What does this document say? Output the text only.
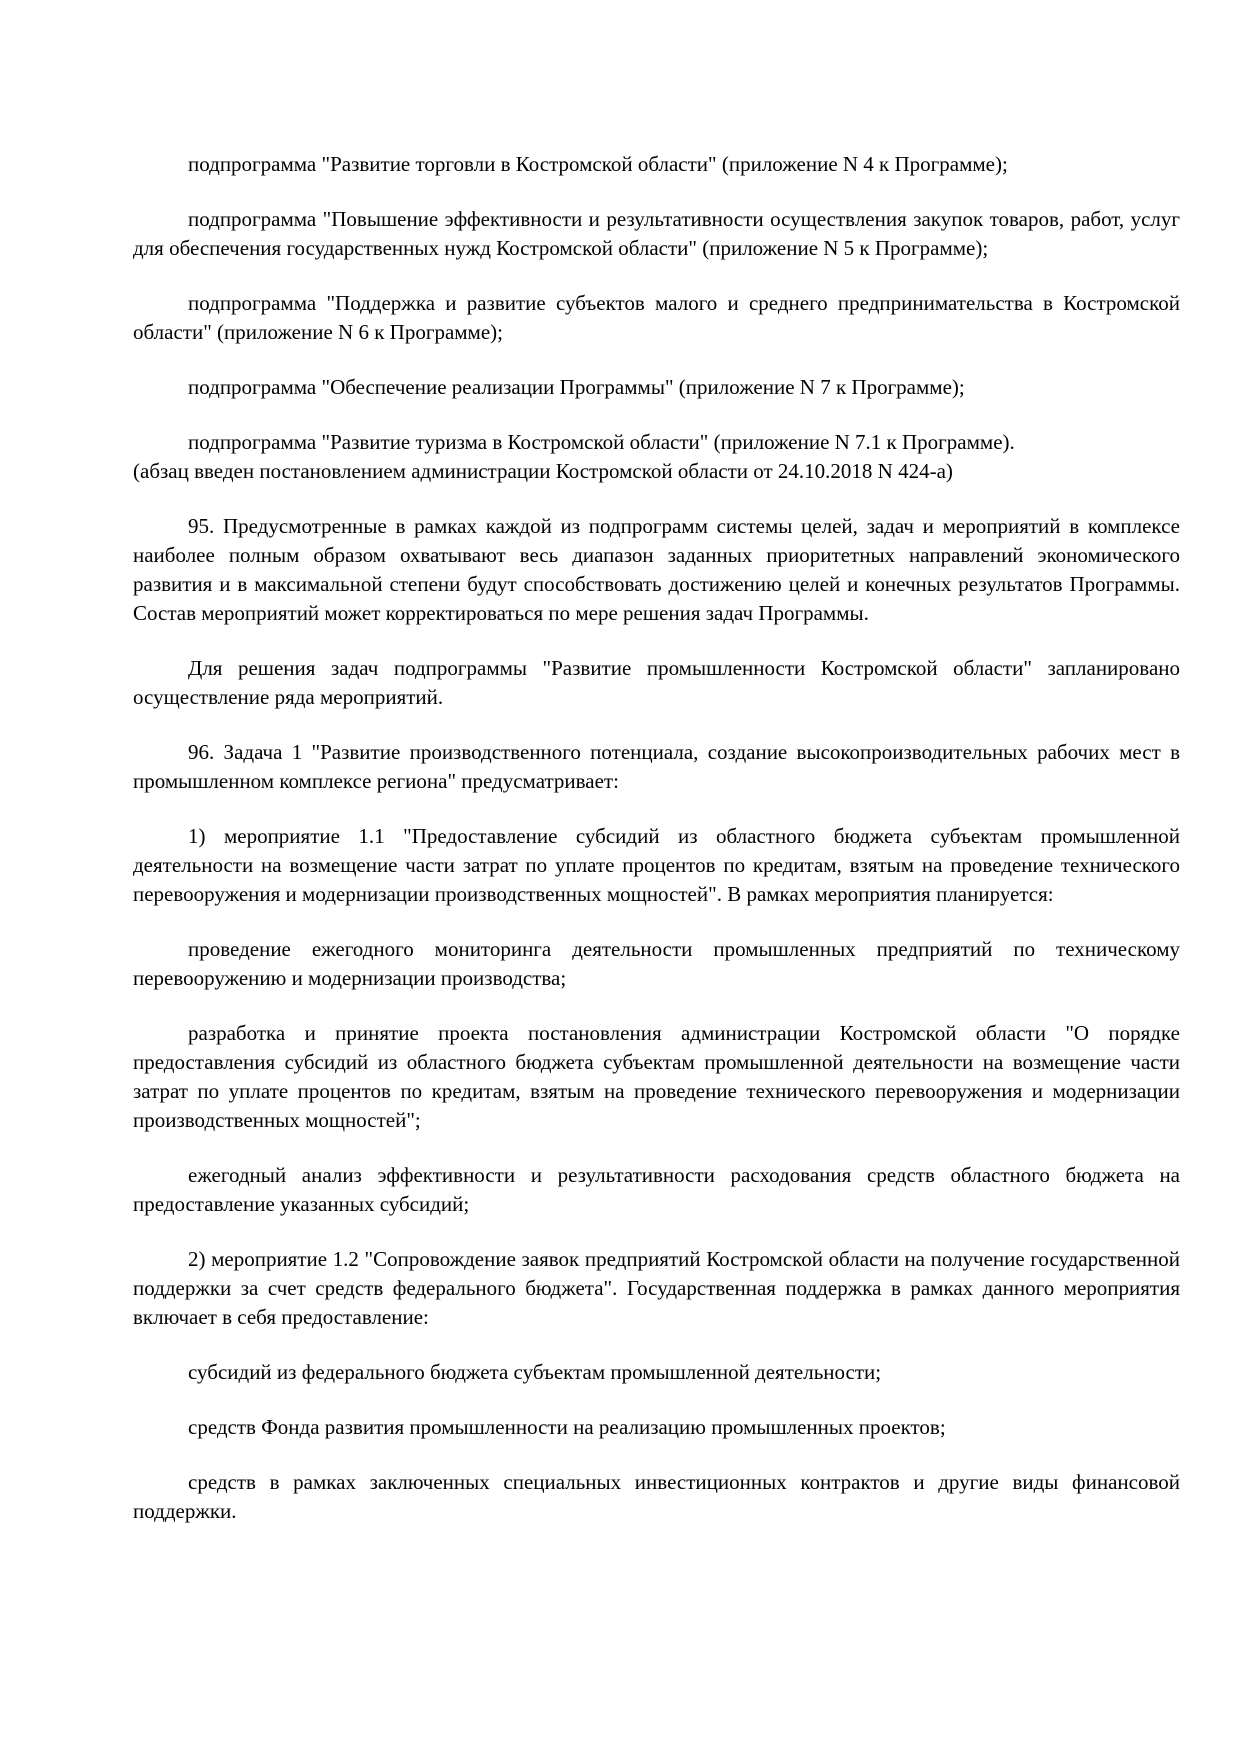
подпрограмма "Развитие торговли в Костромской области" (приложение N 4 к Программе);

подпрограмма "Повышение эффективности и результативности осуществления закупок товаров, работ, услуг для обеспечения государственных нужд Костромской области" (приложение N 5 к Программе);

подпрограмма "Поддержка и развитие субъектов малого и среднего предпринимательства в Костромской области" (приложение N 6 к Программе);

подпрограмма "Обеспечение реализации Программы" (приложение N 7 к Программе);

подпрограмма "Развитие туризма в Костромской области" (приложение N 7.1 к Программе).
(абзац введен постановлением администрации Костромской области от 24.10.2018 N 424-а)

95. Предусмотренные в рамках каждой из подпрограмм системы целей, задач и мероприятий в комплексе наиболее полным образом охватывают весь диапазон заданных приоритетных направлений экономического развития и в максимальной степени будут способствовать достижению целей и конечных результатов Программы. Состав мероприятий может корректироваться по мере решения задач Программы.

Для решения задач подпрограммы "Развитие промышленности Костромской области" запланировано осуществление ряда мероприятий.

96. Задача 1 "Развитие производственного потенциала, создание высокопроизводительных рабочих мест в промышленном комплексе региона" предусматривает:

1) мероприятие 1.1 "Предоставление субсидий из областного бюджета субъектам промышленной деятельности на возмещение части затрат по уплате процентов по кредитам, взятым на проведение технического перевооружения и модернизации производственных мощностей". В рамках мероприятия планируется:

проведение ежегодного мониторинга деятельности промышленных предприятий по техническому перевооружению и модернизации производства;

разработка и принятие проекта постановления администрации Костромской области "О порядке предоставления субсидий из областного бюджета субъектам промышленной деятельности на возмещение части затрат по уплате процентов по кредитам, взятым на проведение технического перевооружения и модернизации производственных мощностей";

ежегодный анализ эффективности и результативности расходования средств областного бюджета на предоставление указанных субсидий;

2) мероприятие 1.2 "Сопровождение заявок предприятий Костромской области на получение государственной поддержки за счет средств федерального бюджета". Государственная поддержка в рамках данного мероприятия включает в себя предоставление:

субсидий из федерального бюджета субъектам промышленной деятельности;

средств Фонда развития промышленности на реализацию промышленных проектов;

средств в рамках заключенных специальных инвестиционных контрактов и другие виды финансовой поддержки.
